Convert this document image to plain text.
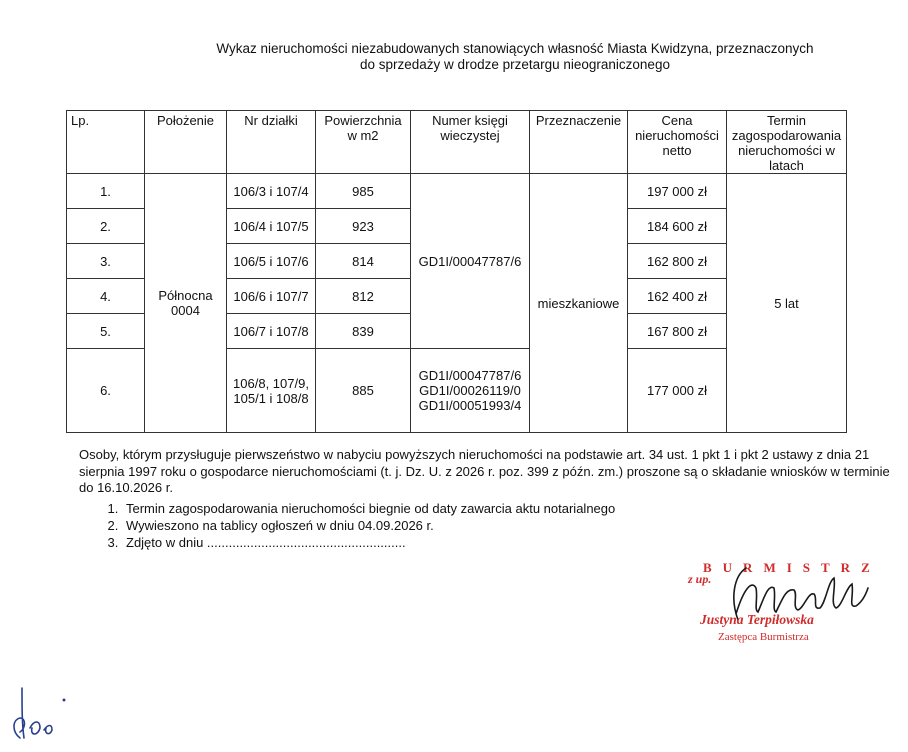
Wykaz nieruchomości niezabudowanych stanowiących własność Miasta Kwidzyna, przeznaczonych
do sprzedaży w drodze przetargu nieograniczonego
Lp.	Położenie	Nr działki	Powierzchnia w m2	Numer księgi wieczystej	Przeznaczenie	Cena nieruchomości netto	Termin zagospodarowania nieruchomości w latach
1.	Północna 0004	106/3 i 107/4	985	GD1I/00047787/6	mieszkaniowe	197 000 zł	5 lat
2.		106/4 i 107/5	923			184 600 zł	
3.		106/5 i 107/6	814			162 800 zł	
4.		106/6 i 107/7	812			162 400 zł	
5.		106/7 i 107/8	839			167 800 zł	
6.		106/8, 107/9, 105/1 i 108/8	885	GD1I/00047787/6 GD1I/00026119/0 GD1I/00051993/4		177 000 zł	

Osoby, którym przysługuje pierwszeństwo w nabyciu powyższych nieruchomości na podstawie art. 34 ust. 1 pkt 1 i pkt 2 ustawy z dnia 21 sierpnia 1997 roku o gospodarce nieruchomościami (t. j. Dz. U. z 2026 r. poz. 399 z późn. zm.) proszone są o składanie wniosków w terminie do 16.10.2026 r.

1. Termin zagospodarowania nieruchomości biegnie od daty zawarcia aktu notarialnego
2. Wywieszono na tablicy ogłoszeń w dniu 04.09.2026 r.
3. Zdjęto w dniu .......................................................
BURMISTRZ
z up.
Justyna Terpiłowska
Zastępca Burmistrza
